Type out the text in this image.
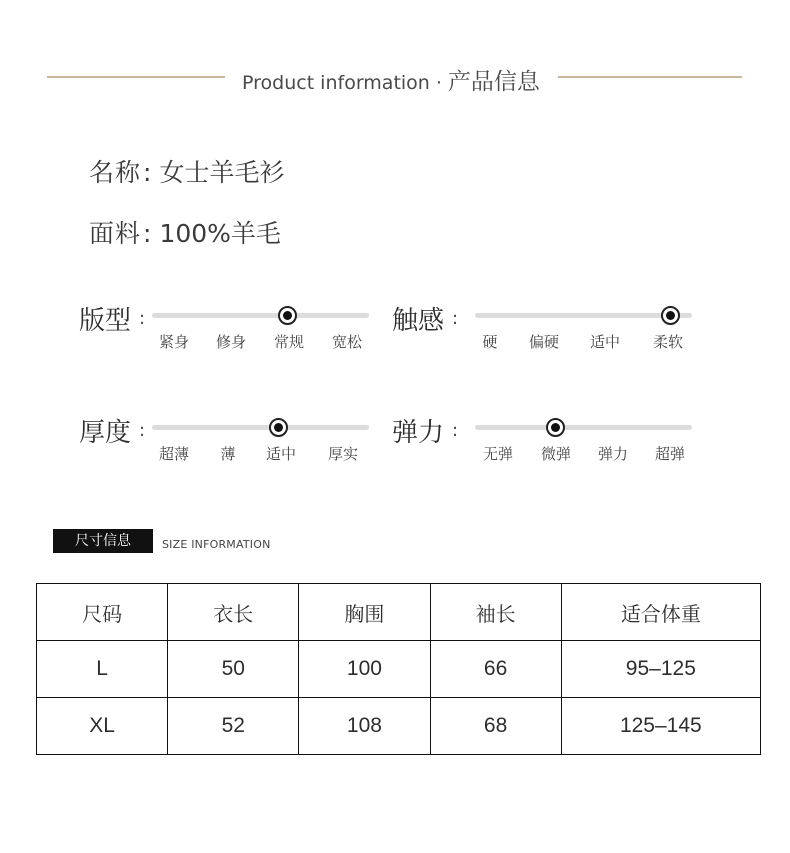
Product information · 产品信息
名称: 女士羊毛衫
面料: 100%羊毛
版型 :
紧身 修身 常规 宽松
触感 :
硬 偏硬 适中 柔软
厚度 :
超薄 薄 适中 厚实
弹力 :
无弹 微弹 弹力 超弹
尺寸信息	SIZE INFORMATION
尺码	衣长	胸围	袖长	适合体重
L	50	100	66	95–125
XL	52	108	68	125–145
